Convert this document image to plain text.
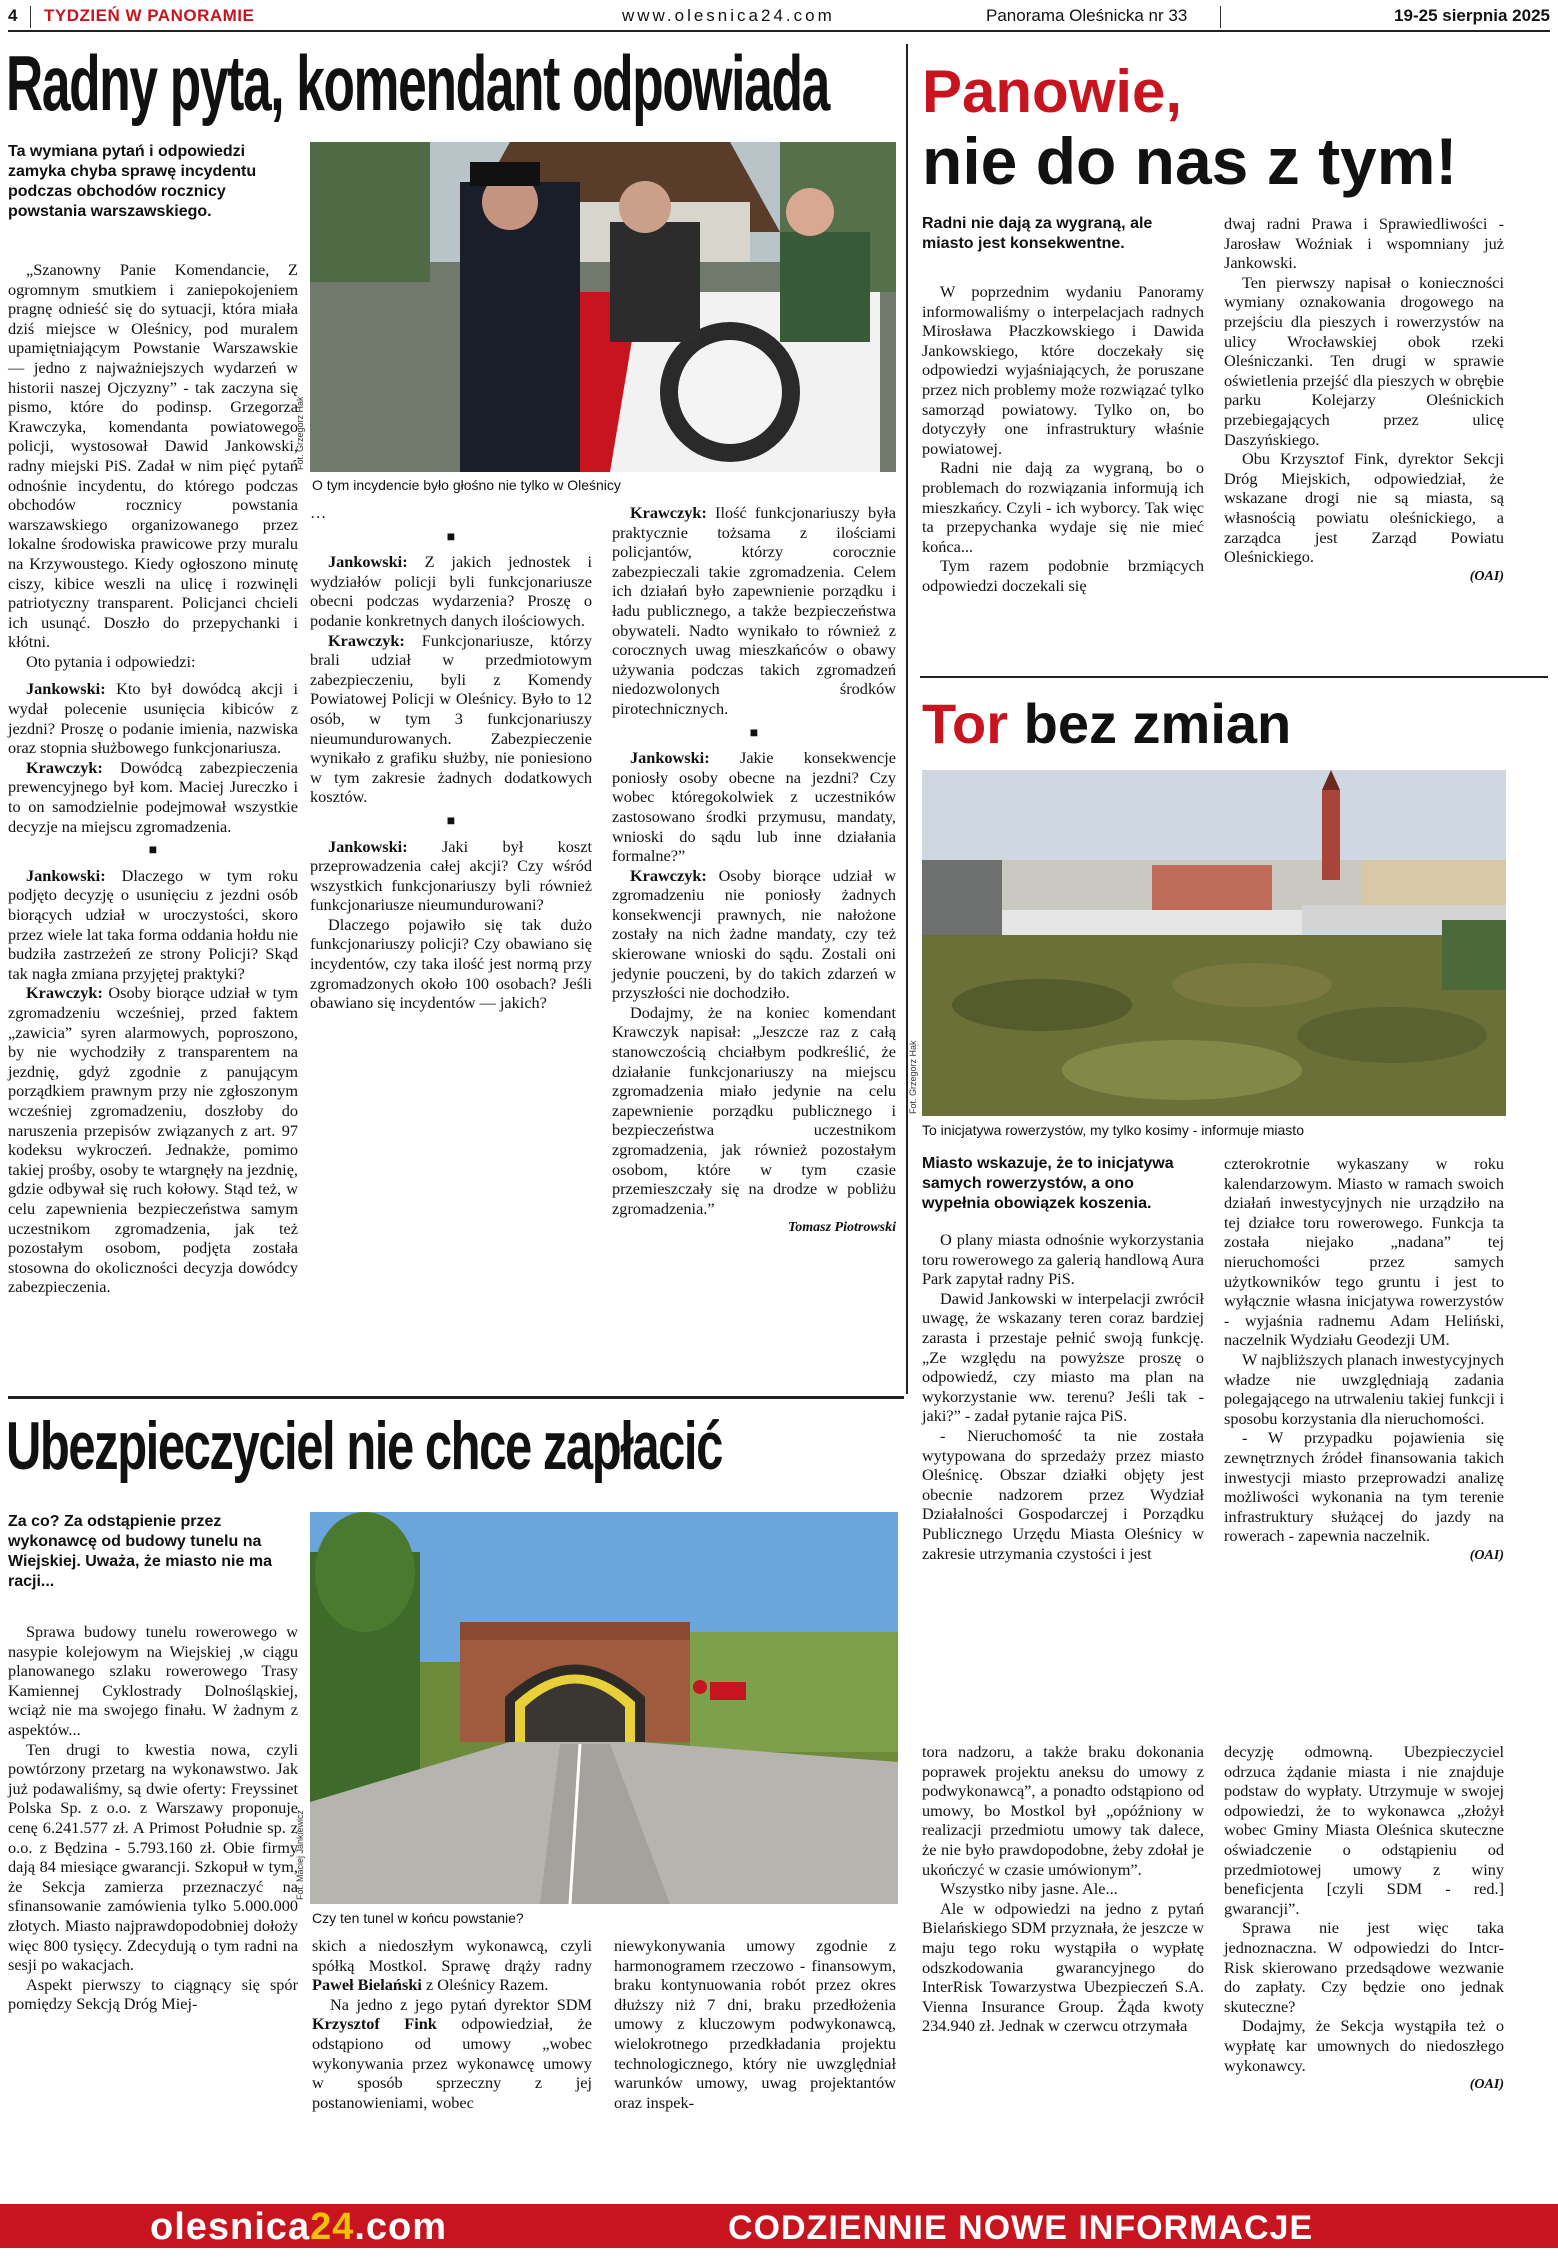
4 TYDZIEŃ W PANORAMIE	www.olesnica24.com	Panorama Oleśnicka nr 33	19-25 sierpnia 2025
Radny pyta, komendant odpowiada
Ta wymiana pytań i odpowiedzi zamyka chyba sprawę incydentu podczas obchodów rocznicy powstania warszawskiego.
Fot. Grzegorz Hak
O tym incydencie było głośno nie tylko w Oleśnicy

„Szanowny Panie Komendancie, Z ogromnym smutkiem i zaniepokojeniem pragnę odnieść się do sytuacji, która miała dziś miejsce w Oleśnicy, pod muralem upamiętniającym Powstanie Warszawskie — jedno z najważniejszych wydarzeń w historii naszej Ojczyzny” - tak zaczyna się pismo, które do podinsp. Grzegorza Krawczyka, komendanta powiatowego policji, wystosował Dawid Jankowski, radny miejski PiS. Zadał w nim pięć pytań odnośnie incydentu, do którego podczas obchodów rocznicy powstania warszawskiego organizowanego przez lokalne środowiska prawicowe przy muralu na Krzywoustego. Kiedy ogłoszono minutę ciszy, kibice weszli na ulicę i rozwinęli patriotyczny transparent. Policjanci chcieli ich usunąć. Doszło do przepychanki i kłótni.

Oto pytania i odpowiedzi:

Jankowski: Kto był dowódcą akcji i wydał polecenie usunięcia kibiców z jezdni? Proszę o podanie imienia, nazwiska oraz stopnia służbowego funkcjonariusza.

Krawczyk: Dowódcą zabezpieczenia prewencyjnego był kom. Maciej Jureczko i to on samodzielnie podejmował wszystkie decyzje na miejscu zgromadzenia.

■

Jankowski: Dlaczego w tym roku podjęto decyzję o usunięciu z jezdni osób biorących udział w uroczystości, skoro przez wiele lat taka forma oddania hołdu nie budziła zastrzeżeń ze strony Policji? Skąd tak nagła zmiana przyjętej praktyki?

Krawczyk: Osoby biorące udział w tym zgromadzeniu wcześniej, przed faktem „zawicia” syren alarmowych, poproszono, by nie wychodziły z transparentem na jezdnię, gdyż zgodnie z panującym porządkiem prawnym przy nie zgłoszonym wcześniej zgromadzeniu, doszłoby do naruszenia przepisów związanych z art. 97 kodeksu wykroczeń. Jednakże, pomimo takiej prośby, osoby te wtargnęły na jezdnię, gdzie odbywał się ruch kołowy. Stąd też, w celu zapewnienia bezpieczeństwa samym uczestnikom zgromadzenia, jak też pozostałym osobom, podjęta została stosowna do okoliczności decyzja dowódcy zabezpieczenia.

…

■

Jankowski: Z jakich jednostek i wydziałów policji byli funkcjonariusze obecni podczas wydarzenia? Proszę o podanie konkretnych danych ilościowych.

Krawczyk: Funkcjonariusze, którzy brali udział w przedmiotowym zabezpieczeniu, byli z Komendy Powiatowej Policji w Oleśnicy. Było to 12 osób, w tym 3 funkcjonariuszy nieumundurowanych. Zabezpieczenie wynikało z grafiku służby, nie poniesiono w tym zakresie żadnych dodatkowych kosztów.

■

Jankowski: Jaki był koszt przeprowadzenia całej akcji? Czy wśród wszystkich funkcjonariuszy byli również funkcjonariusze nieumundurowani?

Dlaczego pojawiło się tak dużo funkcjonariuszy policji? Czy obawiano się incydentów, czy taka ilość jest normą przy zgromadzonych około 100 osobach? Jeśli obawiano się incydentów — jakich?

Krawczyk: Ilość funkcjonariuszy była praktycznie tożsama z ilościami policjantów, którzy corocznie zabezpieczali takie zgromadzenia. Celem ich działań było zapewnienie porządku i ładu publicznego, a także bezpieczeństwa obywateli. Nadto wynikało to również z corocznych uwag mieszkańców o obawy używania podczas takich zgromadzeń niedozwolonych środków pirotechnicznych.

■

Jankowski: Jakie konsekwencje poniosły osoby obecne na jezdni? Czy wobec któregokolwiek z uczestników zastosowano środki przymusu, mandaty, wnioski do sądu lub inne działania formalne?”

Krawczyk: Osoby biorące udział w zgromadzeniu nie poniosły żadnych konsekwencji prawnych, nie nałożone zostały na nich żadne mandaty, czy też skierowane wnioski do sądu. Zostali oni jedynie pouczeni, by do takich zdarzeń w przyszłości nie dochodziło.

Dodajmy, że na koniec komendant Krawczyk napisał: „Jeszcze raz z całą stanowczością chciałbym podkreślić, że działanie funkcjonariuszy na miejscu zgromadzenia miało jedynie na celu zapewnienie porządku publicznego i bezpieczeństwa uczestnikom zgromadzenia, jak również pozostałym osobom, które w tym czasie przemieszczały się na drodze w pobliżu zgromadzenia.”

Tomasz Piotrowski

Panowie,
nie do nas z tym!
Radni nie dają za wygraną, ale miasto jest konsekwentne.

W poprzednim wydaniu Panoramy informowaliśmy o interpelacjach radnych Mirosława Płaczkowskiego i Dawida Jankowskiego, które doczekały się odpowiedzi wyjaśniających, że poruszane przez nich problemy może rozwiązać tylko samorząd powiatowy. Tylko on, bo dotyczyły one infrastruktury właśnie powiatowej.

Radni nie dają za wygraną, bo o problemach do rozwiązania informują ich mieszkańcy. Czyli - ich wyborcy. Tak więc ta przepychanka wydaje się nie mieć końca...

Tym razem podobnie brzmiących odpowiedzi doczekali się

dwaj radni Prawa i Sprawiedliwości - Jarosław Woźniak i wspomniany już Jankowski.

Ten pierwszy napisał o konieczności wymiany oznakowania drogowego na przejściu dla pieszych i rowerzystów na ulicy Wrocławskiej obok rzeki Oleśniczanki. Ten drugi w sprawie oświetlenia przejść dla pieszych w obrębie parku Kolejarzy Oleśnickich przebiegających przez ulicę Daszyńskiego.

Obu Krzysztof Fink, dyrektor Sekcji Dróg Miejskich, odpowiedział, że wskazane drogi nie są miasta, są własnością powiatu oleśnickiego, a zarządca jest Zarząd Powiatu Oleśnickiego.

(OAI)

Tor bez zmian
Fot. Grzegorz Hak
To inicjatywa rowerzystów, my tylko kosimy - informuje miasto
Miasto wskazuje, że to inicjatywa samych rowerzystów, a ono wypełnia obowiązek koszenia.

O plany miasta odnośnie wykorzystania toru rowerowego za galerią handlową Aura Park zapytał radny PiS.

Dawid Jankowski w interpelacji zwrócił uwagę, że wskazany teren coraz bardziej zarasta i przestaje pełnić swoją funkcję. „Ze względu na powyższe proszę o odpowiedź, czy miasto ma plan na wykorzystanie ww. terenu? Jeśli tak - jaki?” - zadał pytanie rajca PiS.

- Nieruchomość ta nie została wytypowana do sprzedaży przez miasto Oleśnicę. Obszar działki objęty jest obecnie nadzorem przez Wydział Działalności Gospodarczej i Porządku Publicznego Urzędu Miasta Oleśnicy w zakresie utrzymania czystości i jest

czterokrotnie wykaszany w roku kalendarzowym. Miasto w ramach swoich działań inwestycyjnych nie urządziło na tej działce toru rowerowego. Funkcja ta została niejako „nadana” tej nieruchomości przez samych użytkowników tego gruntu i jest to wyłącznie własna inicjatywa rowerzystów - wyjaśnia radnemu Adam Heliński, naczelnik Wydziału Geodezji UM.

W najbliższych planach inwestycyjnych władze nie uwzględniają zadania polegającego na utrwaleniu takiej funkcji i sposobu korzystania dla nieruchomości.

- W przypadku pojawienia się zewnętrznych źródeł finansowania takich inwestycji miasto przeprowadzi analizę możliwości wykonania na tym terenie infrastruktury służącej do jazdy na rowerach - zapewnia naczelnik.

(OAI)

Ubezpieczyciel nie chce zapłacić
Za co? Za odstąpienie przez wykonawcę od budowy tunelu na Wiejskiej. Uważa, że miasto nie ma racji...
Fot. Maciej Jankiewicz
Czy ten tunel w końcu powstanie?

Sprawa budowy tunelu rowerowego w nasypie kolejowym na Wiejskiej ,w ciągu planowanego szlaku rowerowego Trasy Kamiennej Cyklostrady Dolnośląskiej, wciąż nie ma swojego finału. W żadnym z aspektów...

Ten drugi to kwestia nowa, czyli powtórzony przetarg na wykonawstwo. Jak już podawaliśmy, są dwie oferty: Freyssinet Polska Sp. z o.o. z Warszawy proponuje cenę 6.241.577 zł. A Primost Południe sp. z o.o. z Będzina - 5.793.160 zł. Obie firmy dają 84 miesiące gwarancji. Szkopuł w tym, że Sekcja zamierza przeznaczyć na sfinansowanie zamówienia tylko 5.000.000 złotych. Miasto najprawdopodobniej dołoży więc 800 tysięcy. Zdecydują o tym radni na sesji po wakacjach.

Aspekt pierwszy to ciągnący się spór pomiędzy Sekcją Dróg Miej-

skich a niedoszłym wykonawcą, czyli spółką Mostkol. Sprawę drąży radny Paweł Bielański z Oleśnicy Razem.

Na jedno z jego pytań dyrektor SDM Krzysztof Fink odpowiedział, że odstąpiono od umowy „wobec wykonywania przez wykonawcę umowy w sposób sprzeczny z jej postanowieniami, wobec

niewykonywania umowy zgodnie z harmonogramem rzeczowo - finansowym, braku kontynuowania robót przez okres dłuższy niż 7 dni, braku przedłożenia umowy z kluczowym podwykonawcą, wielokrotnego przedkładania projektu technologicznego, który nie uwzględniał warunków umowy, uwag projektantów oraz inspek-

tora nadzoru, a także braku dokonania poprawek projektu aneksu do umowy z podwykonawcą”, a ponadto odstąpiono od umowy, bo Mostkol był „opóźniony w realizacji przedmiotu umowy tak dalece, że nie było prawdopodobne, żeby zdołał je ukończyć w czasie umówionym”.

Wszystko niby jasne. Ale...

Ale w odpowiedzi na jedno z pytań Bielańskiego SDM przyznała, że jeszcze w maju tego roku wystąpiła o wypłatę odszkodowania gwarancyjnego do InterRisk Towarzystwa Ubezpieczeń S.A. Vienna Insurance Group. Żąda kwoty 234.940 zł. Jednak w czerwcu otrzymała

decyzję odmowną. Ubezpieczyciel odrzuca żądanie miasta i nie znajduje podstaw do wypłaty. Utrzymuje w swojej odpowiedzi, że to wykonawca „złożył wobec Gminy Miasta Oleśnica skuteczne oświadczenie o odstąpieniu od przedmiotowej umowy z winy beneficjenta [czyli SDM - red.] gwarancji”.

Sprawa nie jest więc taka jednoznaczna. W odpowiedzi do Intcr-Risk skierowano przedsądowe wezwanie do zapłaty. Czy będzie ono jednak skuteczne?

Dodajmy, że Sekcja wystąpiła też o wypłatę kar umownych do niedoszłego wykonawcy.

(OAI)

olesnica24.com	CODZIENNIE NOWE INFORMACJE
